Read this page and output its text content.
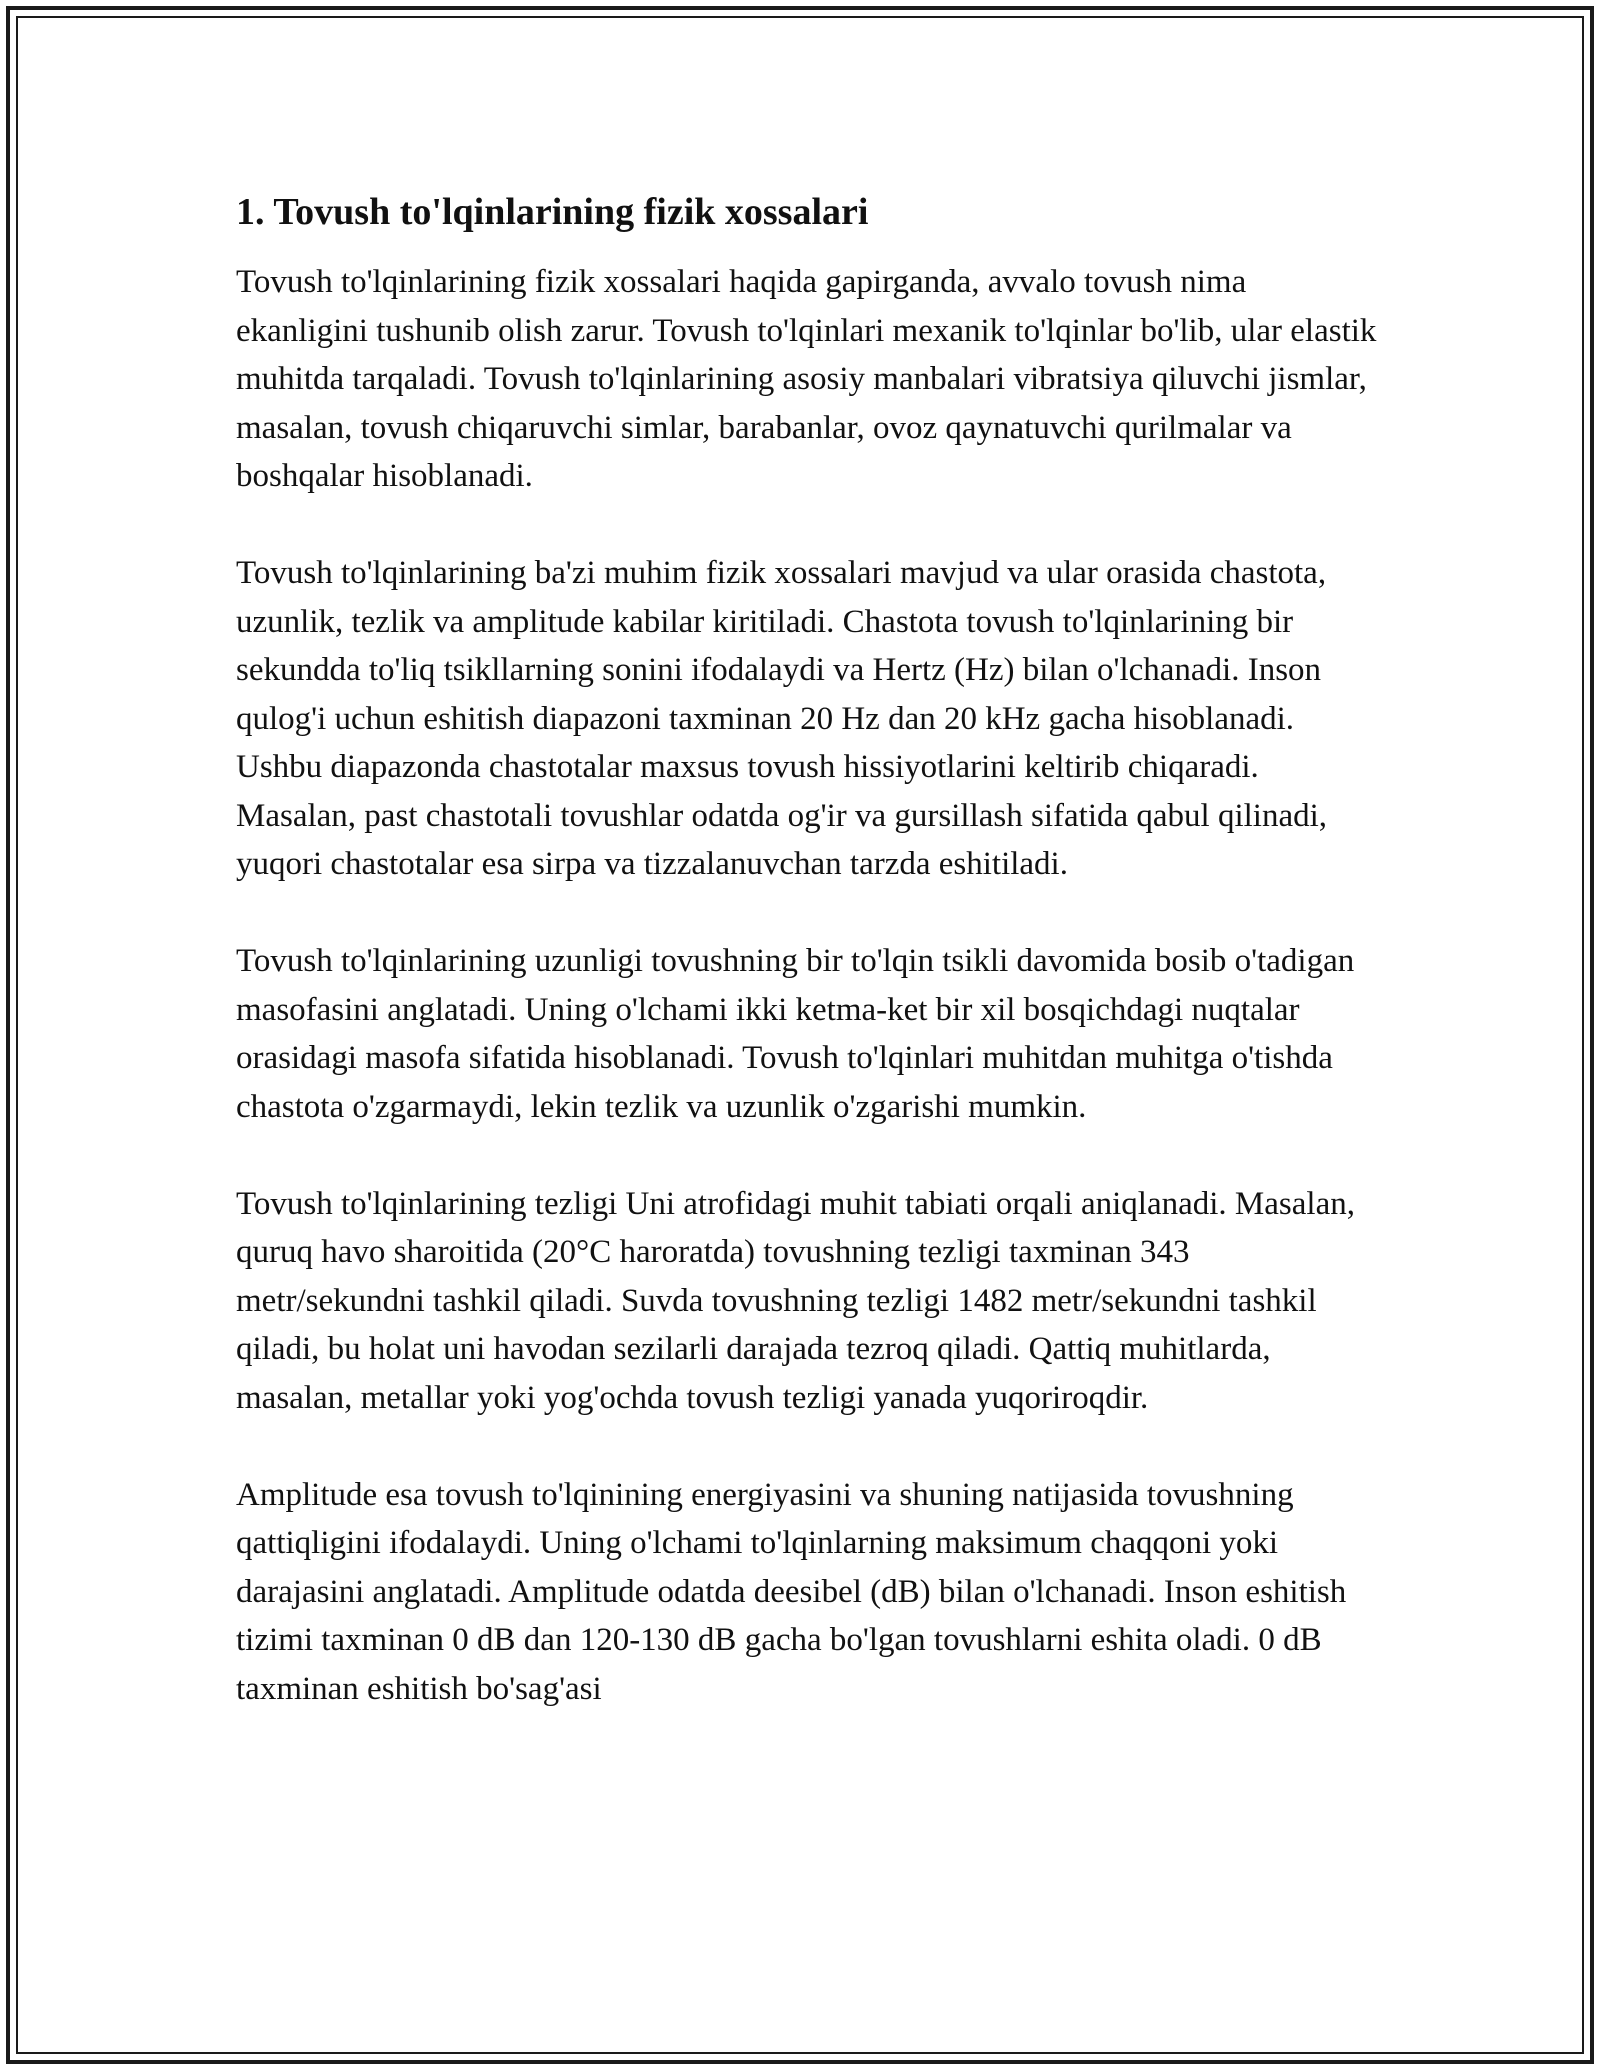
1. Tovush to'lqinlarining fizik xossalari

Tovush to'lqinlarining fizik xossalari haqida gapirganda, avvalo tovush nima ekanligini tushunib olish zarur. Tovush to'lqinlari mexanik to'lqinlar bo'lib, ular elastik muhitda tarqaladi. Tovush to'lqinlarining asosiy manbalari vibratsiya qiluvchi jismlar, masalan, tovush chiqaruvchi simlar, barabanlar, ovoz qaynatuvchi qurilmalar va boshqalar hisoblanadi.

Tovush to'lqinlarining ba'zi muhim fizik xossalari mavjud va ular orasida chastota, uzunlik, tezlik va amplitude kabilar kiritiladi. Chastota tovush to'lqinlarining bir sekundda to'liq tsikllarning sonini ifodalaydi va Hertz (Hz) bilan o'lchanadi. Inson qulog'i uchun eshitish diapazoni taxminan 20 Hz dan 20 kHz gacha hisoblanadi. Ushbu diapazonda chastotalar maxsus tovush hissiyotlarini keltirib chiqaradi. Masalan, past chastotali tovushlar odatda og'ir va gursillash sifatida qabul qilinadi, yuqori chastotalar esa sirpa va tizzalanuvchan tarzda eshitiladi.

Tovush to'lqinlarining uzunligi tovushning bir to'lqin tsikli davomida bosib o'tadigan masofasini anglatadi. Uning o'lchami ikki ketma-ket bir xil bosqichdagi nuqtalar orasidagi masofa sifatida hisoblanadi. Tovush to'lqinlari muhitdan muhitga o'tishda chastota o'zgarmaydi, lekin tezlik va uzunlik o'zgarishi mumkin.

Tovush to'lqinlarining tezligi Uni atrofidagi muhit tabiati orqali aniqlanadi. Masalan, quruq havo sharoitida (20°C haroratda) tovushning tezligi taxminan 343 metr/sekundni tashkil qiladi. Suvda tovushning tezligi 1482 metr/sekundni tashkil qiladi, bu holat uni havodan sezilarli darajada tezroq qiladi. Qattiq muhitlarda, masalan, metallar yoki yog'ochda tovush tezligi yanada yuqoriroqdir.

Amplitude esa tovush to'lqinining energiyasini va shuning natijasida tovushning qattiqligini ifodalaydi. Uning o'lchami to'lqinlarning maksimum chaqqoni yoki darajasini anglatadi. Amplitude odatda deesibel (dB) bilan o'lchanadi. Inson eshitish tizimi taxminan 0 dB dan 120-130 dB gacha bo'lgan tovushlarni eshita oladi. 0 dB taxminan eshitish bo'sag'asi
